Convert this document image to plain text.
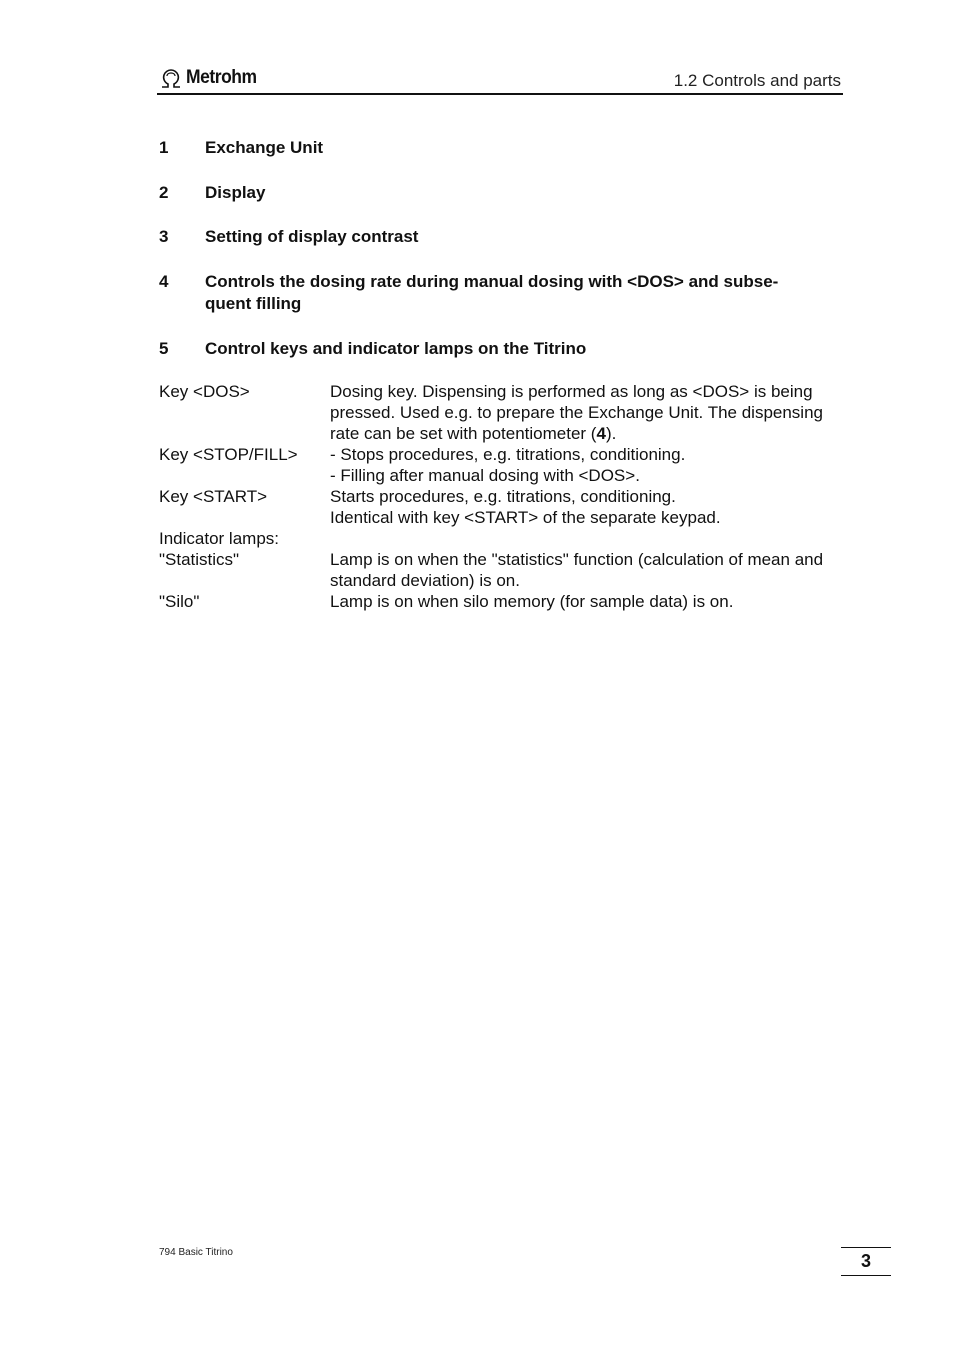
Metrohm	1.2 Controls and parts
1	Exchange Unit
2	Display
3	Setting of display contrast
4	Controls the dosing rate during manual dosing with <DOS> and subse-quent filling
5	Control keys and indicator lamps on the Titrino
Key <DOS>	Dosing key. Dispensing is performed as long as <DOS> is being pressed. Used e.g. to prepare the Exchange Unit. The dispensing rate can be set with potentiometer (4).
Key <STOP/FILL>	- Stops procedures, e.g. titrations, conditioning.
- Filling after manual dosing with <DOS>.
Key <START>	Starts procedures, e.g. titrations, conditioning.
Identical with key <START> of the separate keypad.
Indicator lamps:
"Statistics"	Lamp is on when the "statistics" function (calculation of mean and standard deviation) is on.
"Silo"	Lamp is on when silo memory (for sample data) is on.
794 Basic Titrino	3
